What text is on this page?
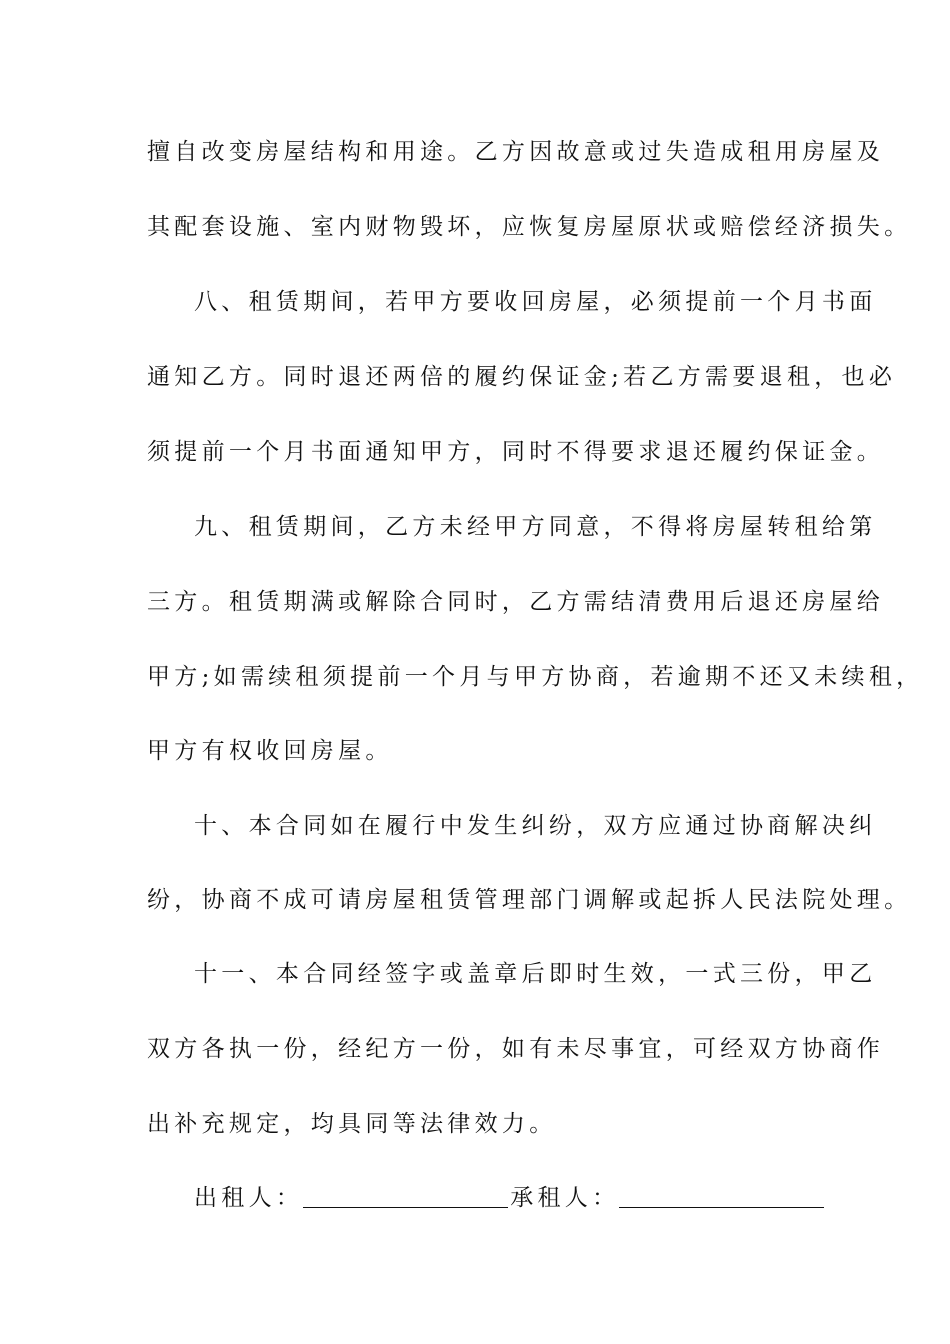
擅自改变房屋结构和用途。乙方因故意或过失造成租用房屋及
其配套设施、室内财物毁坏，应恢复房屋原状或赔偿经济损失。
八、租赁期间，若甲方要收回房屋，必须提前一个月书面
通知乙方。同时退还两倍的履约保证金;若乙方需要退租，也必
须提前一个月书面通知甲方，同时不得要求退还履约保证金。
九、租赁期间，乙方未经甲方同意，不得将房屋转租给第
三方。租赁期满或解除合同时，乙方需结清费用后退还房屋给
甲方;如需续租须提前一个月与甲方协商，若逾期不还又未续租，
甲方有权收回房屋。
十、本合同如在履行中发生纠纷，双方应通过协商解决纠
纷，协商不成可请房屋租赁管理部门调解或起拆人民法院处理。
十一、本合同经签字或盖章后即时生效，一式三份，甲乙
双方各执一份，经纪方一份，如有未尽事宜，可经双方协商作
出补充规定，均具同等法律效力。
出租人：	承租人：
